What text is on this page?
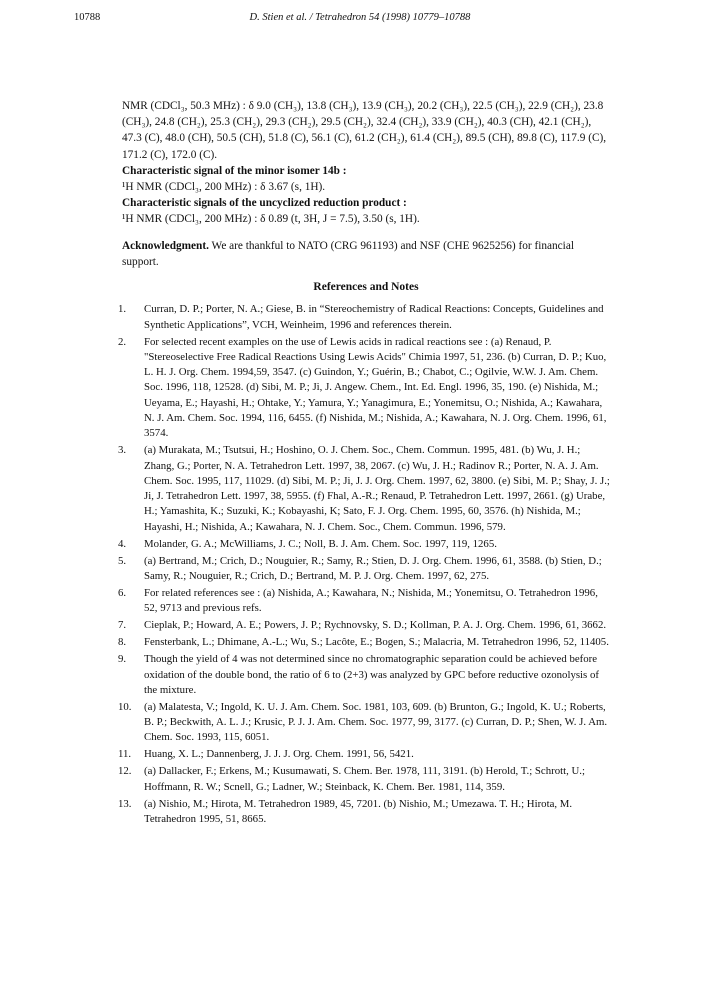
10788	D. Stien et al. / Tetrahedron 54 (1998) 10779–10788

NMR (CDCl₃, 50.3 MHz) : δ 9.0 (CH₃), 13.8 (CH₃), 13.9 (CH₃), 20.2 (CH₃), 22.5 (CH₃), 22.9 (CH₂), 23.8 (CH₃), 24.8 (CH₂), 25.3 (CH₂), 29.3 (CH₂), 29.5 (CH₂), 32.4 (CH₂), 33.9 (CH₂), 40.3 (CH), 42.1 (CH₂), 47.3 (C), 48.0 (CH), 50.5 (CH), 51.8 (C), 56.1 (C), 61.2 (CH₂), 61.4 (CH₂), 89.5 (CH), 89.8 (C), 117.9 (C), 171.2 (C), 172.0 (C).

Characteristic signal of the minor isomer 14b :

¹H NMR (CDCl₃, 200 MHz) : δ 3.67 (s, 1H).

Characteristic signals of the uncyclized reduction product :

¹H NMR (CDCl₃, 200 MHz) : δ 0.89 (t, 3H, J = 7.5), 3.50 (s, 1H).

Acknowledgment. We are thankful to NATO (CRG 961193) and NSF (CHE 9625256) for financial support.

References and Notes
1.	Curran, D. P.; Porter, N. A.; Giese, B. in “Stereochemistry of Radical Reactions: Concepts, Guidelines and Synthetic Applications”, VCH, Weinheim, 1996 and references therein.
2.	For selected recent examples on the use of Lewis acids in radical reactions see : (a) Renaud, P. "Stereoselective Free Radical Reactions Using Lewis Acids" Chimia 1997, 51, 236. (b) Curran, D. P.; Kuo, L. H. J. Org. Chem. 1994,59, 3547. (c) Guindon, Y.; Guérin, B.; Chabot, C.; Ogilvie, W.W. J. Am. Chem. Soc. 1996, 118, 12528. (d) Sibi, M. P.; Ji, J. Angew. Chem., Int. Ed. Engl. 1996, 35, 190. (e) Nishida, M.; Ueyama, E.; Hayashi, H.; Ohtake, Y.; Yamura, Y.; Yanagimura, E.; Yonemitsu, O.; Nishida, A.; Kawahara, N. J. Am. Chem. Soc. 1994, 116, 6455. (f) Nishida, M.; Nishida, A.; Kawahara, N. J. Org. Chem. 1996, 61, 3574.
3.	(a) Murakata, M.; Tsutsui, H.; Hoshino, O. J. Chem. Soc., Chem. Commun. 1995, 481. (b) Wu, J. H.; Zhang, G.; Porter, N. A. Tetrahedron Lett. 1997, 38, 2067. (c) Wu, J. H.; Radinov R.; Porter, N. A. J. Am. Chem. Soc. 1995, 117, 11029. (d) Sibi, M. P.; Ji, J. J. Org. Chem. 1997, 62, 3800. (e) Sibi, M. P.; Shay, J. J.; Ji, J. Tetrahedron Lett. 1997, 38, 5955. (f) Fhal, A.-R.; Renaud, P. Tetrahedron Lett. 1997, 2661. (g) Urabe, H.; Yamashita, K.; Suzuki, K.; Kobayashi, K; Sato, F. J. Org. Chem. 1995, 60, 3576. (h) Nishida, M.; Hayashi, H.; Nishida, A.; Kawahara, N. J. Chem. Soc., Chem. Commun. 1996, 579.
4.	Molander, G. A.; McWilliams, J. C.; Noll, B. J. Am. Chem. Soc. 1997, 119, 1265.
5.	(a) Bertrand, M.; Crich, D.; Nouguier, R.; Samy, R.; Stien, D. J. Org. Chem. 1996, 61, 3588. (b) Stien, D.; Samy, R.; Nouguier, R.; Crich, D.; Bertrand, M. P. J. Org. Chem. 1997, 62, 275.
6.	For related references see : (a) Nishida, A.; Kawahara, N.; Nishida, M.; Yonemitsu, O. Tetrahedron 1996, 52, 9713 and previous refs.
7.	Cieplak, P.; Howard, A. E.; Powers, J. P.; Rychnovsky, S. D.; Kollman, P. A. J. Org. Chem. 1996, 61, 3662.
8.	Fensterbank, L.; Dhimane, A.-L.; Wu, S.; Lacôte, E.; Bogen, S.; Malacria, M. Tetrahedron 1996, 52, 11405.
9.	Though the yield of 4 was not determined since no chromatographic separation could be achieved before oxidation of the double bond, the ratio of 6 to (2+3) was analyzed by GPC before reductive ozonolysis of the mixture.
10.	(a) Malatesta, V.; Ingold, K. U. J. Am. Chem. Soc. 1981, 103, 609. (b) Brunton, G.; Ingold, K. U.; Roberts, B. P.; Beckwith, A. L. J.; Krusic, P. J. J. Am. Chem. Soc. 1977, 99, 3177. (c) Curran, D. P.; Shen, W. J. Am. Chem. Soc. 1993, 115, 6051.
11.	Huang, X. L.; Dannenberg, J. J. J. Org. Chem. 1991, 56, 5421.
12.	(a) Dallacker, F.; Erkens, M.; Kusumawati, S. Chem. Ber. 1978, 111, 3191. (b) Herold, T.; Schrott, U.; Hoffmann, R. W.; Scnell, G.; Ladner, W.; Steinback, K. Chem. Ber. 1981, 114, 359.
13.	(a) Nishio, M.; Hirota, M. Tetrahedron 1989, 45, 7201. (b) Nishio, M.; Umezawa. T. H.; Hirota, M. Tetrahedron 1995, 51, 8665.
